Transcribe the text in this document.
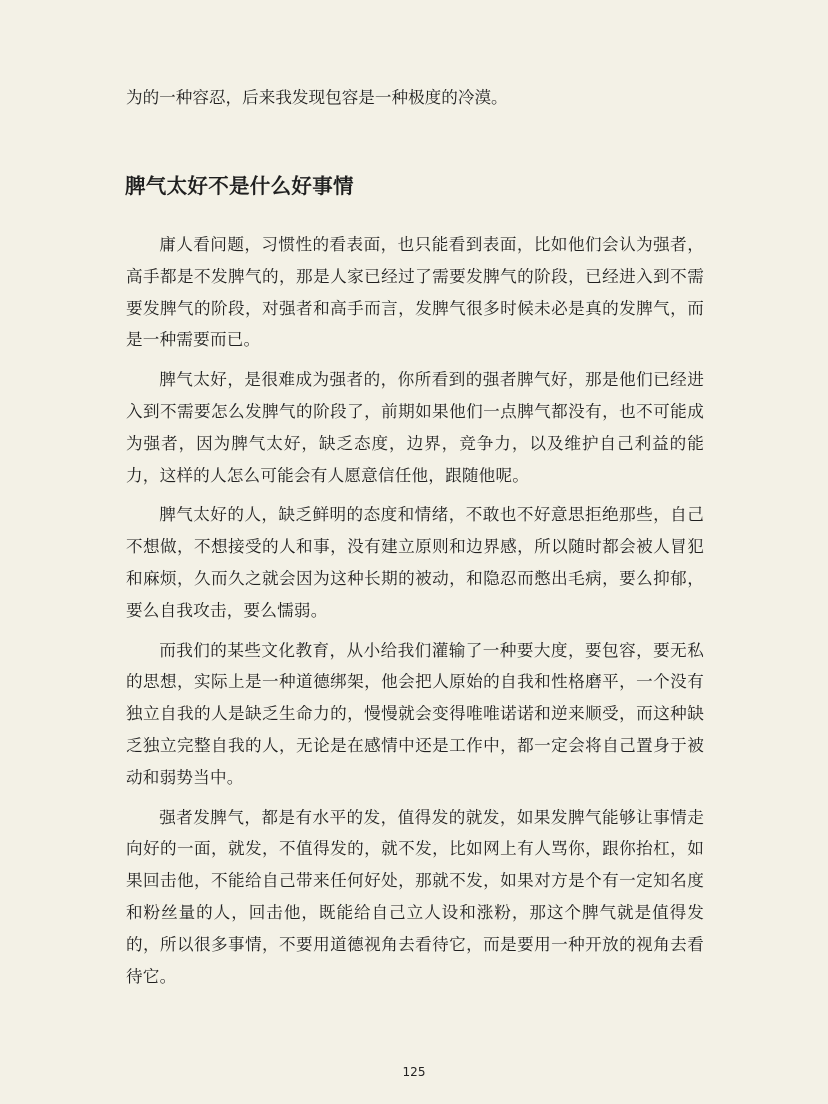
为的一种容忍，后来我发现包容是一种极度的冷漠。
脾气太好不是什么好事情

庸人看问题，习惯性的看表面，也只能看到表面，比如他们会认为强者，高手都是不发脾气的，那是人家已经过了需要发脾气的阶段，已经进入到不需要发脾气的阶段，对强者和高手而言，发脾气很多时候未必是真的发脾气，而是一种需要而已。

脾气太好，是很难成为强者的，你所看到的强者脾气好，那是他们已经进入到不需要怎么发脾气的阶段了，前期如果他们一点脾气都没有，也不可能成为强者，因为脾气太好，缺乏态度，边界，竞争力，以及维护自己利益的能力，这样的人怎么可能会有人愿意信任他，跟随他呢。

脾气太好的人，缺乏鲜明的态度和情绪，不敢也不好意思拒绝那些，自己不想做，不想接受的人和事，没有建立原则和边界感，所以随时都会被人冒犯和麻烦，久而久之就会因为这种长期的被动，和隐忍而憋出毛病，要么抑郁，要么自我攻击，要么懦弱。

而我们的某些文化教育，从小给我们灌输了一种要大度，要包容，要无私的思想，实际上是一种道德绑架，他会把人原始的自我和性格磨平，一个没有独立自我的人是缺乏生命力的，慢慢就会变得唯唯诺诺和逆来顺受，而这种缺乏独立完整自我的人，无论是在感情中还是工作中，都一定会将自己置身于被动和弱势当中。

强者发脾气，都是有水平的发，值得发的就发，如果发脾气能够让事情走向好的一面，就发，不值得发的，就不发，比如网上有人骂你，跟你抬杠，如果回击他，不能给自己带来任何好处，那就不发，如果对方是个有一定知名度和粉丝量的人，回击他，既能给自己立人设和涨粉，那这个脾气就是值得发的，所以很多事情，不要用道德视角去看待它，而是要用一种开放的视角去看待它。

125
